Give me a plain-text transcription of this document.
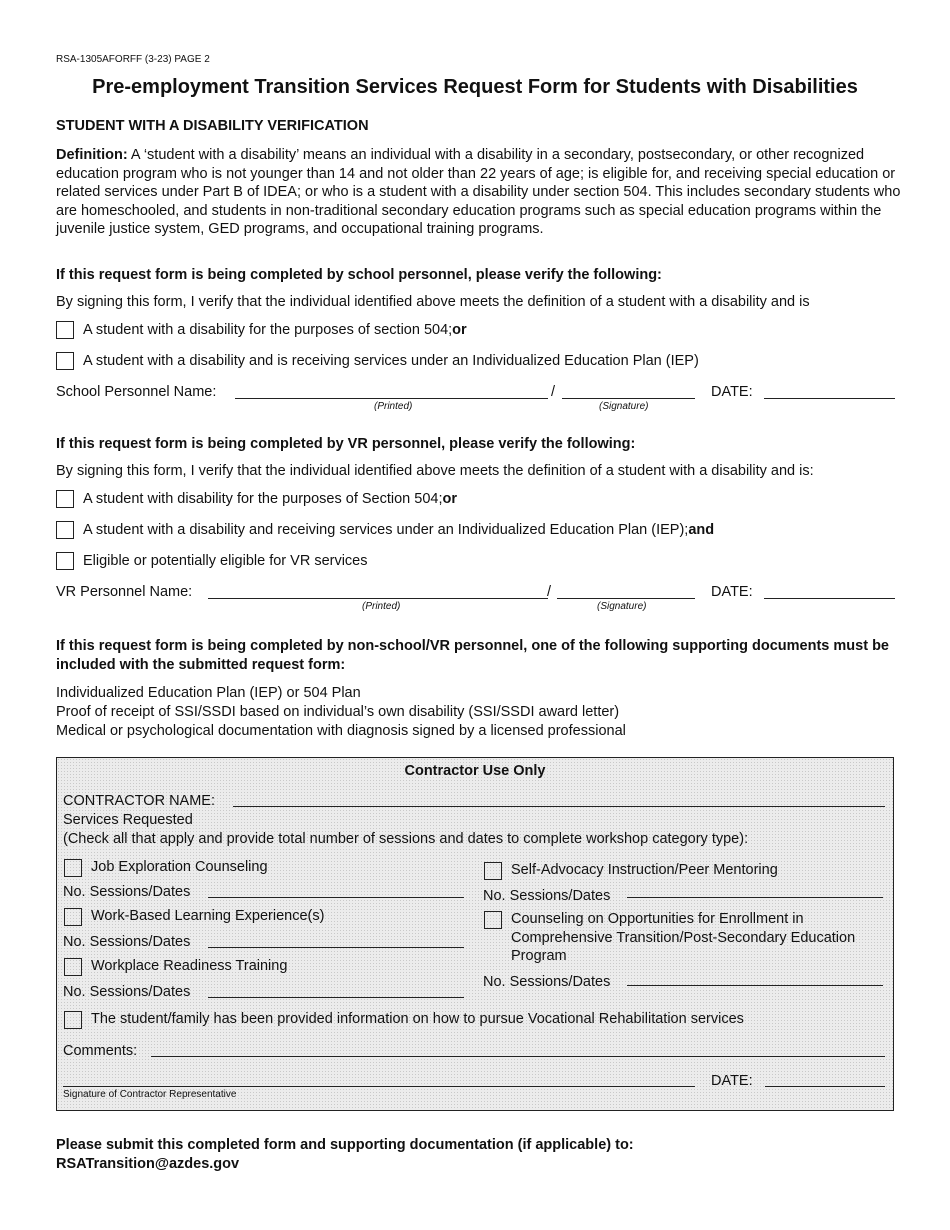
RSA-1305AFORFF (3-23) PAGE 2
Pre-employment Transition Services Request Form for Students with Disabilities
STUDENT WITH A DISABILITY VERIFICATION
Definition: A ‘student with a disability’ means an individual with a disability in a secondary, postsecondary, or other recognized education program who is not younger than 14 and not older than 22 years of age; is eligible for, and receiving special education or related services under Part B of IDEA; or who is a student with a disability under section 504. This includes secondary students who are homeschooled, and students in non-traditional secondary education programs such as special education programs within the juvenile justice system, GED programs, and occupational training programs.
If this request form is being completed by school personnel, please verify the following:
By signing this form, I verify that the individual identified above meets the definition of a student with a disability and is
A student with a disability for the purposes of section 504; or
A student with a disability and is receiving services under an Individualized Education Plan (IEP)
School Personnel Name:	/	DATE:
(Printed)	(Signature)
If this request form is being completed by VR personnel, please verify the following:
By signing this form, I verify that the individual identified above meets the definition of a student with a disability and is:
A student with disability for the purposes of Section 504; or
A student with a disability and receiving services under an Individualized Education Plan (IEP); and
Eligible or potentially eligible for VR services
VR Personnel Name:	/	DATE:
(Printed)	(Signature)
If this request form is being completed by non-school/VR personnel, one of the following supporting documents must be included with the submitted request form:
Individualized Education Plan (IEP) or 504 Plan
Proof of receipt of SSI/SSDI based on individual’s own disability (SSI/SSDI award letter)
Medical or psychological documentation with diagnosis signed by a licensed professional
Contractor Use Only
CONTRACTOR NAME:
Services Requested
(Check all that apply and provide total number of sessions and dates to complete workshop category type):
Job Exploration Counseling
No. Sessions/Dates
Work-Based Learning Experience(s)
No. Sessions/Dates
Workplace Readiness Training
No. Sessions/Dates
Self-Advocacy Instruction/Peer Mentoring
No. Sessions/Dates
Counseling on Opportunities for Enrollment in Comprehensive Transition/Post-Secondary Education Program
No. Sessions/Dates
The student/family has been provided information on how to pursue Vocational Rehabilitation services
Comments:
DATE:
Signature of Contractor Representative
Please submit this completed form and supporting documentation (if applicable) to:
RSATransition@azdes.gov
